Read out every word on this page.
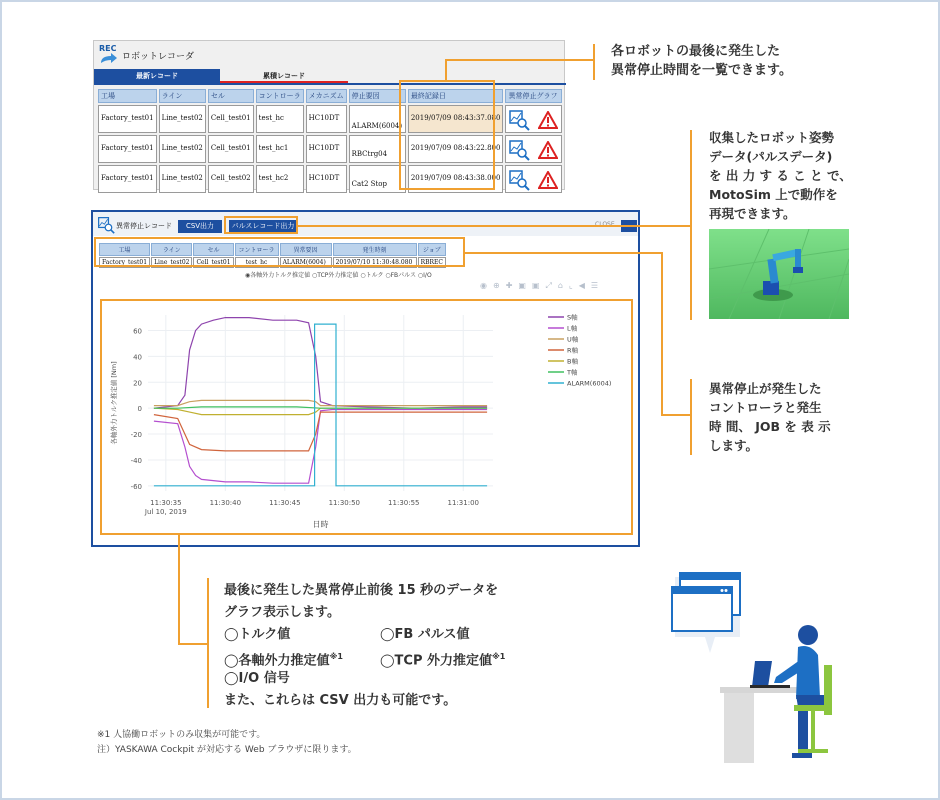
REC
ロボットレコーダ
最新レコード	累積レコード
工場	ライン	セル	コントローラ	メカニズム	停止要因	最終記録日	異常停止グラフ
Factory_test01	Line_test02	Cell_test01	test_hc	HC10DT	ALARM(6004)	2019/07/09 08:43:37.080	

Factory_test01	Line_test02	Cell_test01	test_hc1	HC10DT	RBCtrg04	2019/07/09 08:43:22.800	

Factory_test01	Line_test02	Cell_test02	test_hc2	HC10DT	Cat2 Stop	2019/07/09 08:43:38.000	
異常停止レコード	CSV出力	パルスレコード出力
工場	ライン	セル	コントローラ	異常要因	発生時刻	ジョブ
Factory_test01	Line_test02	Cell_test01	test_hc	ALARM(6004)	2019/07/10 11:30:48.080	RBREC
◉各軸外力トルク推定値 ○TCP外力推定値 ○トルク ○FBパルス ○I/O
◉ ⊕ ✚ ▣ ▣ ⤢ ⌂ ⌞ ◀ ☰
-60
-40
-20
0
20
40
60
11:30:35
Jul 10, 2019
11:30:40	11:30:45	11:30:50	11:30:55	11:31:00
日時
各軸外力トルク推定値 [Nm]
S軸
L軸
U軸
R軸
B軸
T軸
ALARM(6004)
各ロボットの最後に発生した
異常停止時間を一覧できます。
収集したロボット姿勢
データ(パルスデータ)
を 出 力 す る こ と で、
MotoSim 上で動作を
再現できます。
異常停止が発生した
コントローラと発生
時 間、 JOB を 表 示
します。
最後に発生した異常停止前後 15 秒のデータを
グラフ表示します。
◯トルク値	◯FB パルス値
◯各軸外力推定値$^{※1}$	◯TCP 外力推定値$^{※1}$
◯I/O 信号
また、これらは CSV 出力も可能です。
※1 人協働ロボットのみ収集が可能です。
注）YASKAWA Cockpit が対応する Web ブラウザに限ります。
